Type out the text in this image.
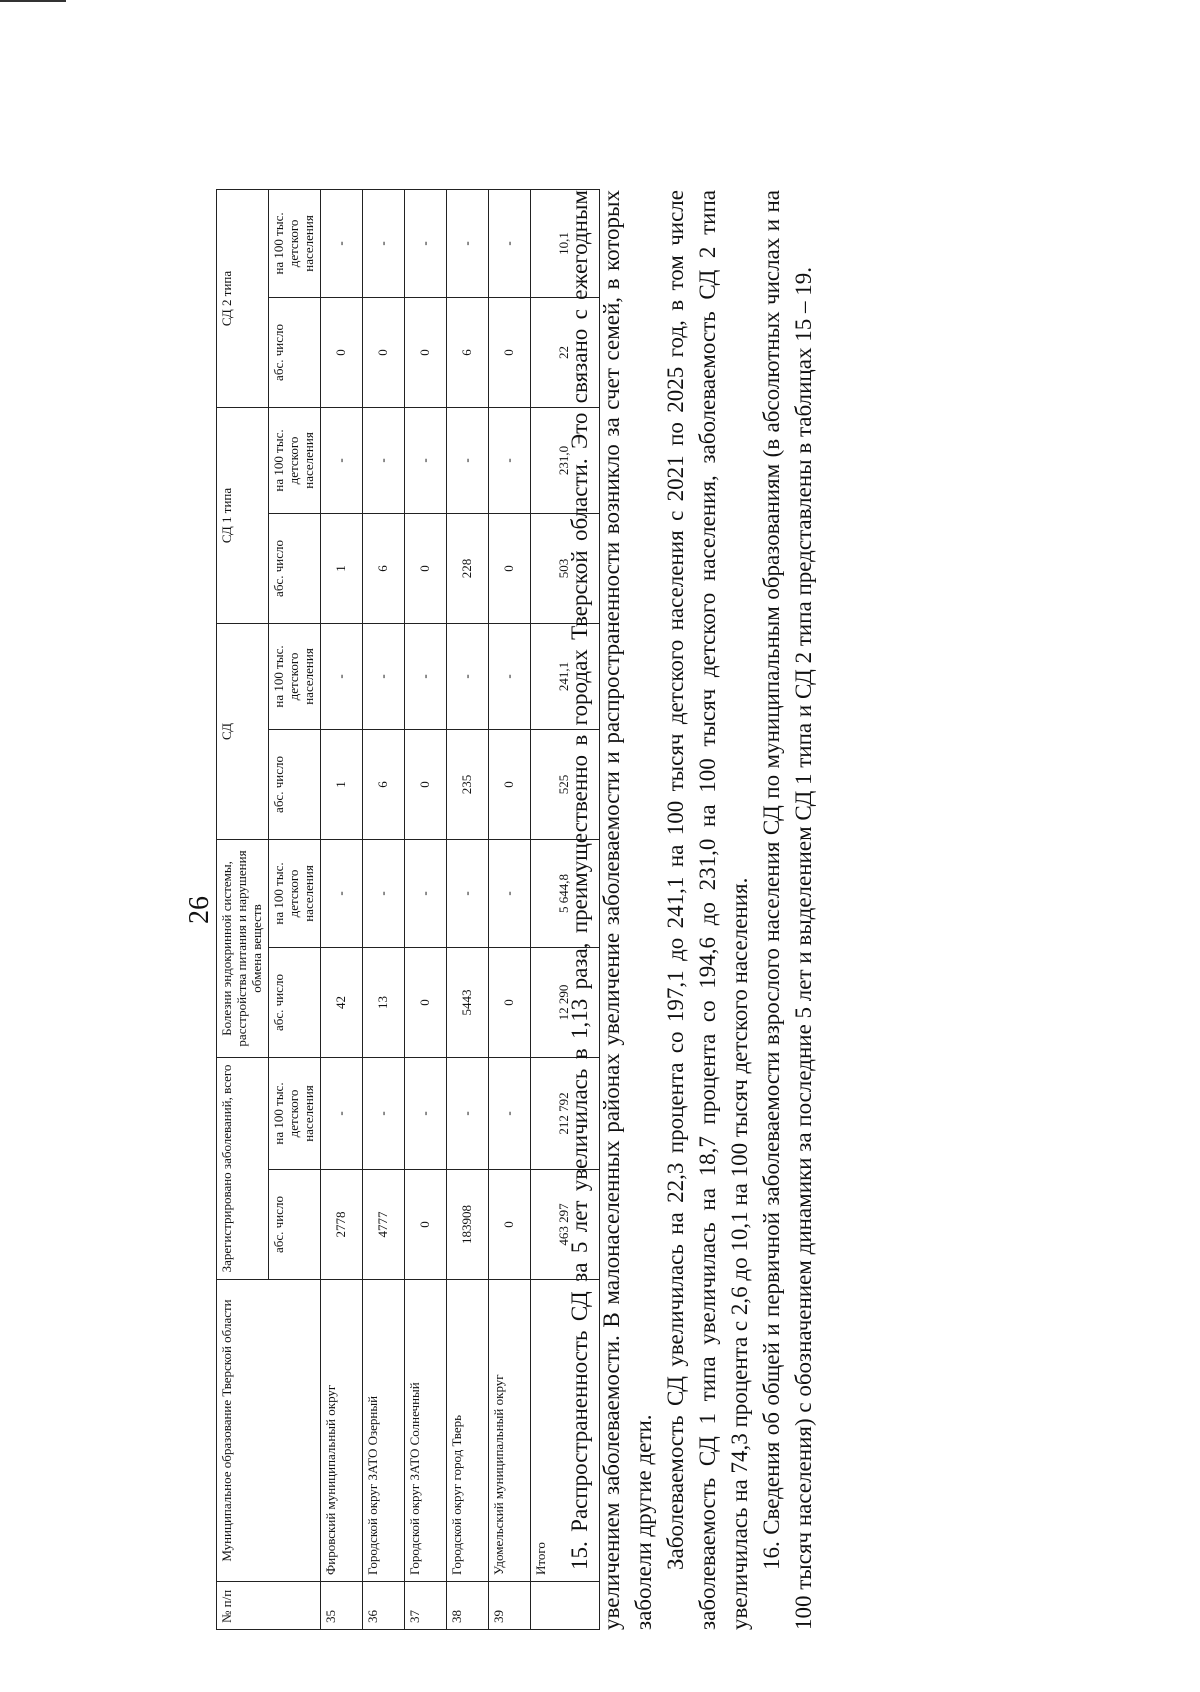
26
№ п/п	Муниципальное образование Тверской области	Зарегистрировано заболеваний, всего		Болезни эндокринной системы, расстройства питания и нарушения обмена веществ		СД		СД 1 типа		СД 2 типа	
		абс. число	на 100 тыс. детского населения	абс. число	на 100 тыс. детского населения	абс. число	на 100 тыс. детского населения	абс. число	на 100 тыс. детского населения	абс. число	на 100 тыс. детского населения
35	Фировский муниципальный округ	2778	-	42	-	1	-	1	-	0	-
36	Городской округ ЗАТО Озерный	4777	-	13	-	6	-	6	-	0	-
37	Городской округ ЗАТО Солнечный	0	-	0	-	0	-	0	-	0	-
38	Городской округ город Тверь	183908	-	5443	-	235	-	228	-	6	-
39	Удомельский муниципальный округ	0	-	0	-	0	-	0	-	0	-
	Итого	463 297	212 792	12 290	5 644,8	525	241,1	503	231,0	22	10,1

15. Распространенность СД за 5 лет увеличилась в 1,13 раза, преимущественно в городах Тверской области. Это связано с ежегодным увеличением заболеваемости. В малонаселенных районах увеличение заболеваемости и распространенности возникло за счет семей, в которых заболели другие дети. Заболеваемость СД увеличилась на 22,3 процента со 197,1 до 241,1 на 100 тысяч детского населения с 2021 по 2025 год, в том числе заболеваемость СД 1 типа увеличилась на 18,7 процента со 194,6 до 231,0 на 100 тысяч детского населения, заболеваемость СД 2 типа увеличилась на 74,3 процента с 2,6 до 10,1 на 100 тысяч детского населения. 16. Сведения об общей и первичной заболеваемости взрослого населения СД по муниципальным образованиям (в абсолютных числах и на 100 тысяч населения) с обозначением динамики за последние 5 лет и выделением СД 1 типа и СД 2 типа представлены в таблицах 15 – 19.
